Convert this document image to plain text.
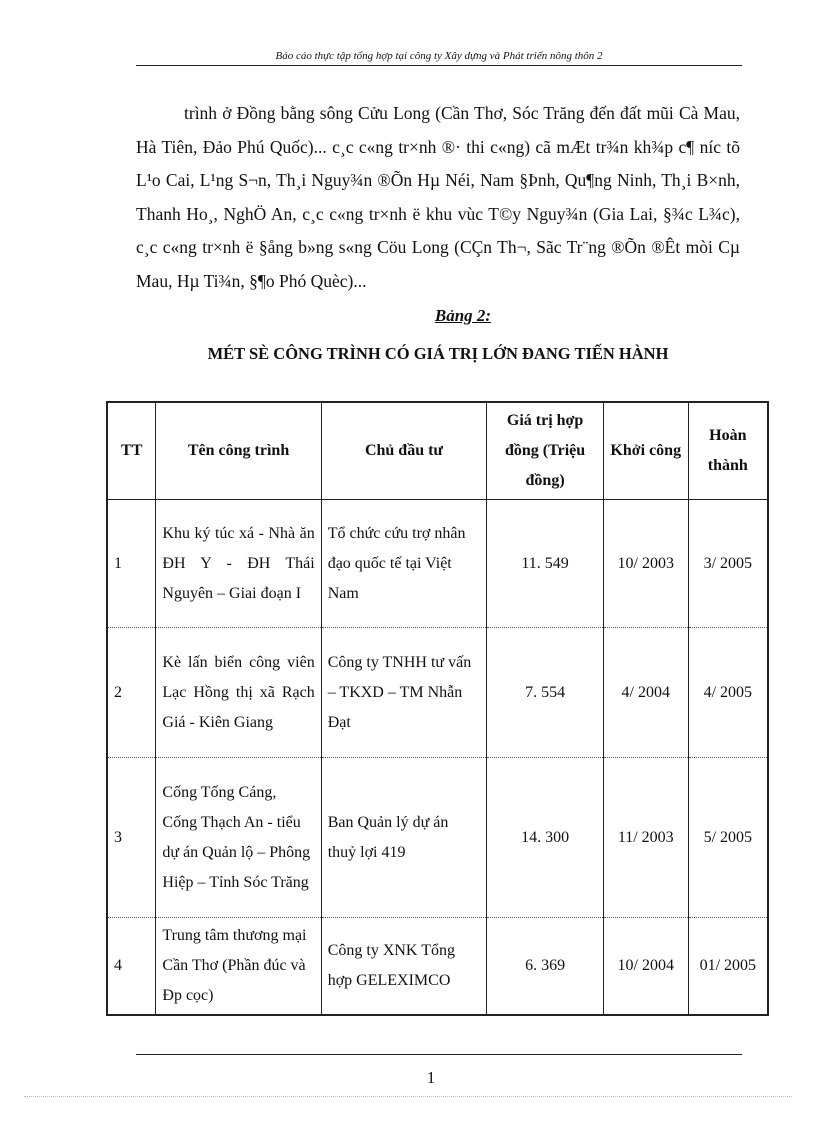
Báo cáo thực tập tổng hợp tại công ty Xây dựng và Phát triển nông thôn 2

trình ở Đồng bằng sông Cửu Long (Cần Thơ, Sóc Trăng đến đất mũi Cà Mau, Hà Tiên, Đảo Phú Quốc)... c¸c c«ng tr×nh ®· thi c«ng) cã mÆt tr¾n kh¾p c¶ níc tõ L¹o Cai, L¹ng S¬n, Th¸i Nguy¾n ®Õn Hµ Néi, Nam §Þnh, Qu¶ng Ninh, Th¸i B×nh, Thanh Ho¸, NghÖ An, c¸c c«ng tr×nh ë khu vùc T©y Nguy¾n (Gia Lai, §¾c L¾c), c¸c c«ng tr×nh ë §ång b»ng s«ng Cöu Long (CÇn Th¬, Sãc Tr¨ng ®Õn ®Êt mòi Cµ Mau, Hµ Ti¾n, §¶o Phó Quèc)...

Bảng 2:
MÉT SÈ CÔNG TRÌNH CÓ GIÁ TRỊ LỚN ĐANG TIẾN HÀNH
TT	Tên công trình	Chủ đầu tư	Giá trị hợp đồng (Triệu đồng)	Khởi công	Hoàn thành
1	Khu ký túc xá - Nhà ăn ĐH Y - ĐH Thái Nguyên – Giai đoạn I	Tổ chức cứu trợ nhân đạo quốc tế tại Việt Nam	11. 549	10/ 2003	3/ 2005
2	Kè lấn biển công viên Lạc Hồng thị xã Rạch Giá - Kiên Giang	Công ty TNHH tư vấn – TKXD – TM Nhẫn Đạt	7. 554	4/ 2004	4/ 2005
3	Cống Tống Cáng, Cống Thạch An - tiểu dự án Quản lộ – Phông Hiệp – Tỉnh Sóc Trăng	Ban Quản lý dự án thuỷ lợi 419	14. 300	11/ 2003	5/ 2005
4	Trung tâm thương mại Cần Thơ (Phần đúc và Đp cọc)	Công ty XNK Tổng hợp GELEXIMCO	6. 369	10/ 2004	01/ 2005
1
